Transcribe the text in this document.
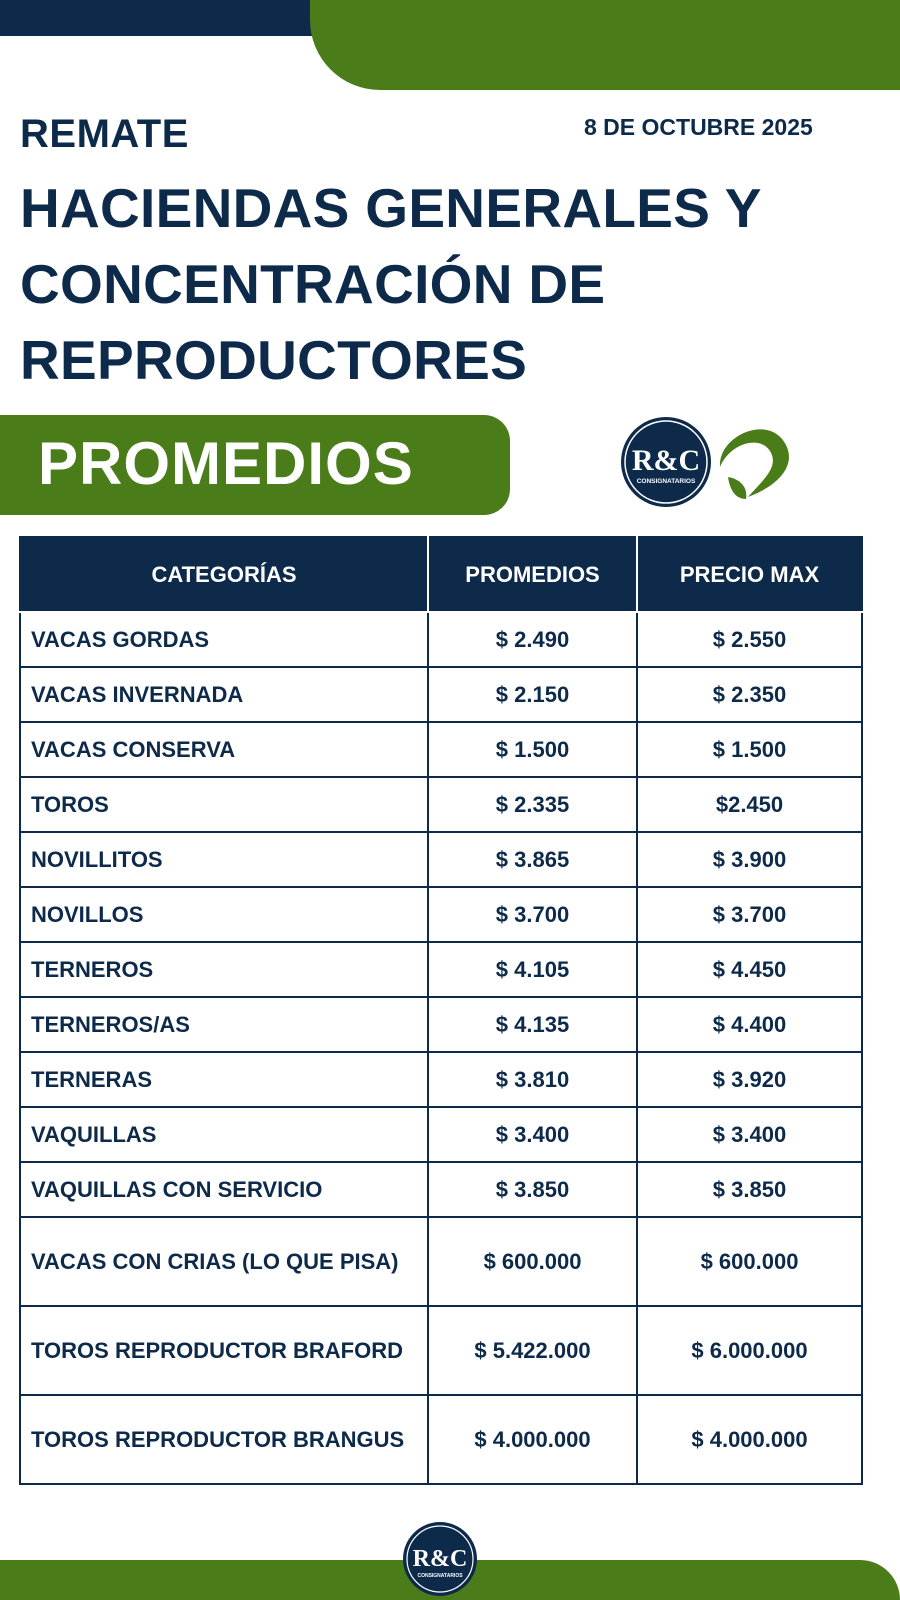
REMATE	8 DE OCTUBRE 2025
HACIENDAS GENERALES Y
CONCENTRACIÓN DE
REPRODUCTORES
PROMEDIOS	R&C
CONSIGNATARIOS
CATEGORÍAS	PROMEDIOS	PRECIO MAX
VACAS GORDAS	$ 2.490	$ 2.550
VACAS INVERNADA	$ 2.150	$ 2.350
VACAS CONSERVA	$ 1.500	$ 1.500
TOROS	$ 2.335	$2.450
NOVILLITOS	$ 3.865	$ 3.900
NOVILLOS	$ 3.700	$ 3.700
TERNEROS	$ 4.105	$ 4.450
TERNEROS/AS	$ 4.135	$ 4.400
TERNERAS	$ 3.810	$ 3.920
VAQUILLAS	$ 3.400	$ 3.400
VAQUILLAS CON SERVICIO	$ 3.850	$ 3.850
VACAS CON CRIAS (LO QUE PISA)	$ 600.000	$ 600.000
TOROS REPRODUCTOR BRAFORD	$ 5.422.000	$ 6.000.000
TOROS REPRODUCTOR BRANGUS	$ 4.000.000	$ 4.000.000
R&C
CONSIGNATARIOS
